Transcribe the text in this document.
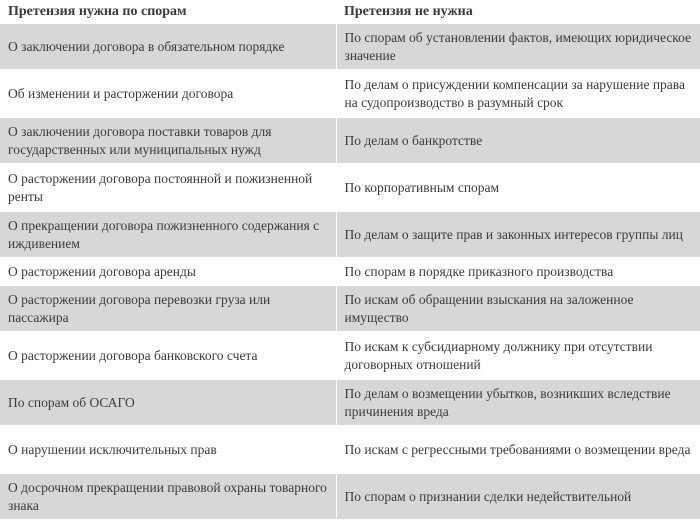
Претензия нужна по спорам	Претензия не нужна
О заключении договора в обязательном порядке	По спорам об установлении фактов, имеющих юридическое значение
Об изменении и расторжении договора	По делам о присуждении компенсации за нарушение права на судопроизводство в разумный срок
О заключении договора поставки товаров для государственных или муниципальных нужд	По делам о банкротстве
О расторжении договора постоянной и пожизненной ренты	По корпоративным спорам
О прекращении договора пожизненного содержания с иждивением	По делам о защите прав и законных интересов группы лиц
О расторжении договора аренды	По спорам в порядке приказного производства
О расторжении договора перевозки груза или пассажира	По искам об обращении взыскания на заложенное имущество
О расторжении договора банковского счета	По искам к субсидиарному должнику при отсутствии договорных отношений
По спорам об ОСАГО	По делам о возмещении убытков, возникших вследствие причинения вреда
О нарушении исключительных прав	По искам с регрессными требованиями о возмещении вреда
О досрочном прекращении правовой охраны товарного знака	По спорам о признании сделки недействительной
